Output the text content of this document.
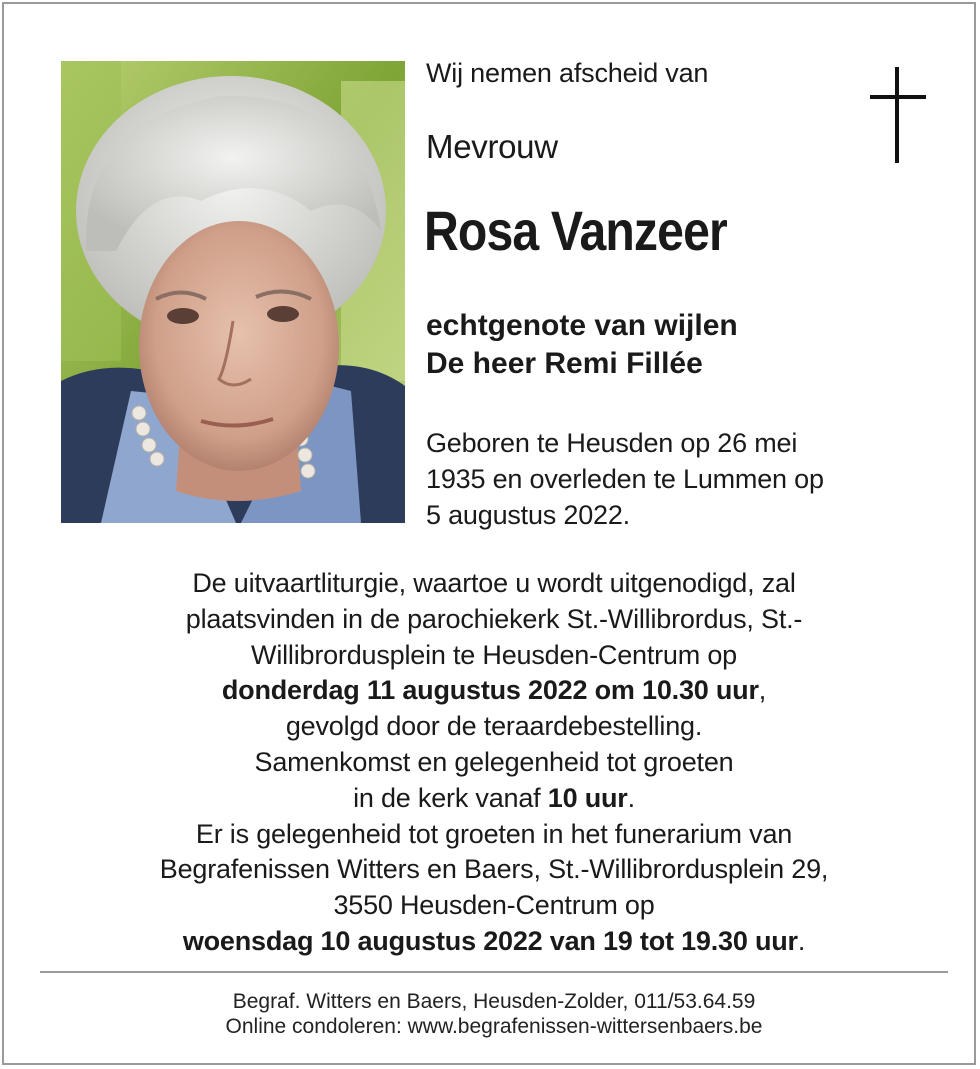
Wij nemen afscheid van
Mevrouw
Rosa Vanzeer
echtgenote van wijlen
De heer Remi Fillée
Geboren te Heusden op 26 mei
1935 en overleden te Lummen op
5 augustus 2022.
De uitvaartliturgie, waartoe u wordt uitgenodigd, zal
plaatsvinden in de parochiekerk St.-Willibrordus, St.-
Willibrordusplein te Heusden-Centrum op
donderdag 11 augustus 2022 om 10.30 uur,
gevolgd door de teraardebestelling.
Samenkomst en gelegenheid tot groeten
in de kerk vanaf 10 uur.
Er is gelegenheid tot groeten in het funerarium van
Begrafenissen Witters en Baers, St.-Willibrordusplein 29,
3550 Heusden-Centrum op
woensdag 10 augustus 2022 van 19 tot 19.30 uur.
Begraf. Witters en Baers, Heusden-Zolder, 011/53.64.59
Online condoleren: www.begrafenissen-wittersenbaers.be
